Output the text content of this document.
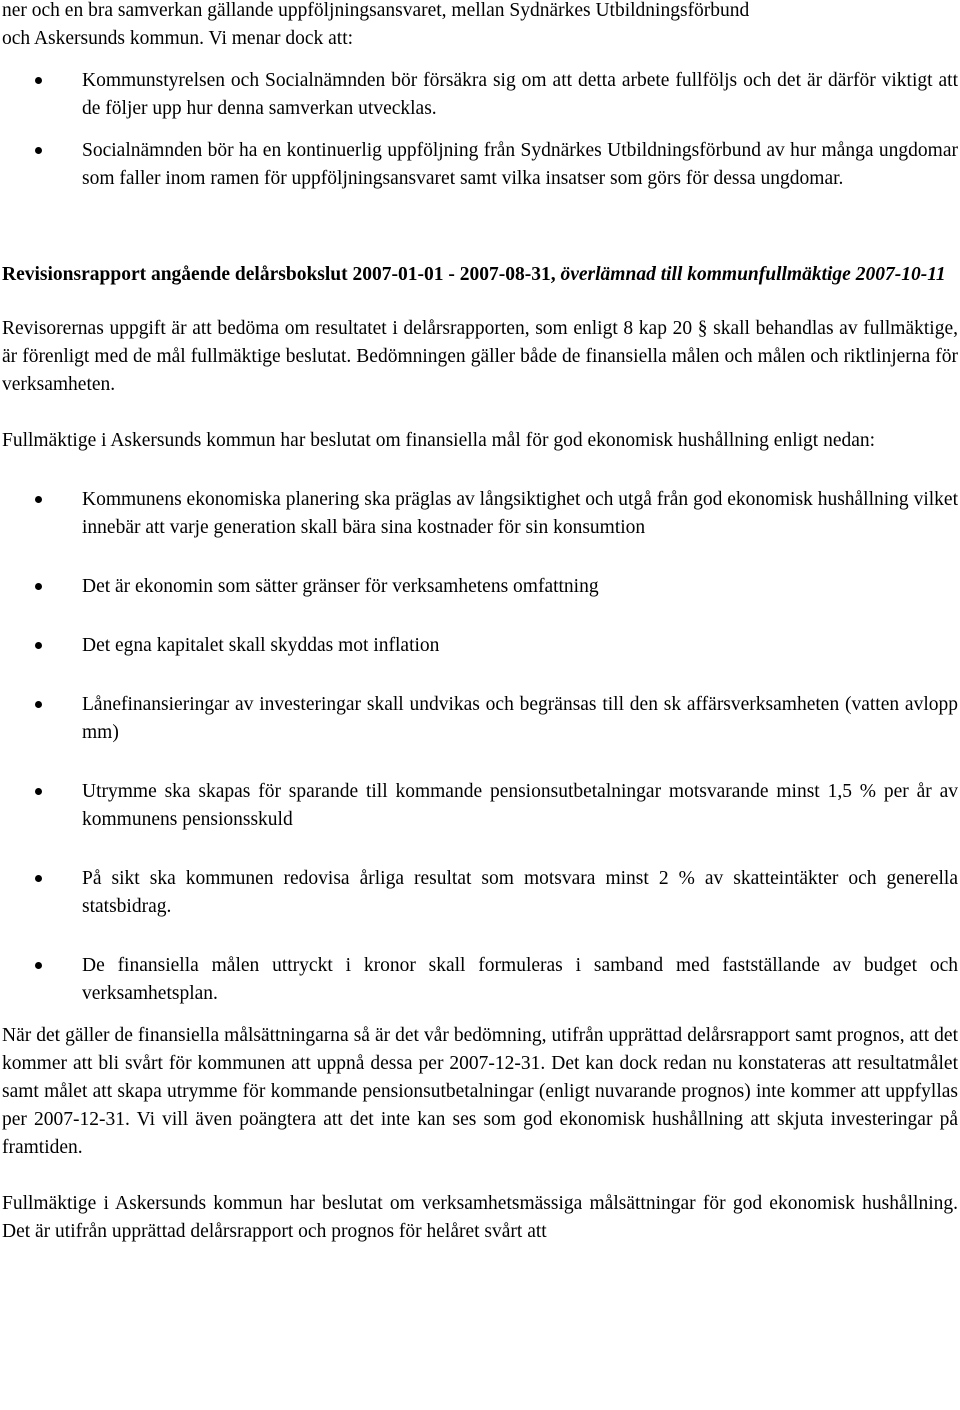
ner och en bra samverkan gällande uppföljningsansvaret, mellan Sydnärkes Utbildningsförbund
och Askersunds kommun. Vi menar dock att:

Kommunstyrelsen och Socialnämnden bör försäkra sig om att detta arbete fullföljs och det är därför viktigt att de följer upp hur denna samverkan utvecklas.
Socialnämnden bör ha en kontinuerlig uppföljning från Sydnärkes Utbildningsförbund av hur många ungdomar som faller inom ramen för uppföljningsansvaret samt vilka insatser som görs för dessa ungdomar.

Revisionsrapport angående delårsbokslut 2007-01-01 - 2007-08-31, överlämnad till kommunfullmäktige 2007-10-11

Revisorernas uppgift är att bedöma om resultatet i delårsrapporten, som enligt 8 kap 20 § skall behandlas av fullmäktige, är förenligt med de mål fullmäktige beslutat. Bedömningen gäller både de finansiella målen och målen och riktlinjerna för verksamheten.

Fullmäktige i Askersunds kommun har beslutat om finansiella mål för god ekonomisk hushållning enligt nedan:

Kommunens ekonomiska planering ska präglas av långsiktighet och utgå från god ekonomisk hushållning vilket innebär att varje generation skall bära sina kostnader för sin konsumtion
Det är ekonomin som sätter gränser för verksamhetens omfattning
Det egna kapitalet skall skyddas mot inflation
Lånefinansieringar av investeringar skall undvikas och begränsas till den sk affärsverksamheten (vatten avlopp mm)
Utrymme ska skapas för sparande till kommande pensionsutbetalningar motsvarande minst 1,5 % per år av kommunens pensionsskuld
På sikt ska kommunen redovisa årliga resultat som motsvara minst 2 % av skatteintäkter och generella statsbidrag.
De finansiella målen uttryckt i kronor skall formuleras i samband med fastställande av budget och verksamhetsplan.

När det gäller de finansiella målsättningarna så är det vår bedömning, utifrån upprättad delårsrapport samt prognos, att det kommer att bli svårt för kommunen att uppnå dessa per 2007-12-31. Det kan dock redan nu konstateras att resultatmålet samt målet att skapa utrymme för kommande pensionsutbetalningar (enligt nuvarande prognos) inte kommer att uppfyllas per 2007-12-31. Vi vill även poängtera att det inte kan ses som god ekonomisk hushållning att skjuta investeringar på framtiden.

Fullmäktige i Askersunds kommun har beslutat om verksamhetsmässiga målsättningar för god ekonomisk hushållning. Det är utifrån upprättad delårsrapport och prognos för helåret svårt att
